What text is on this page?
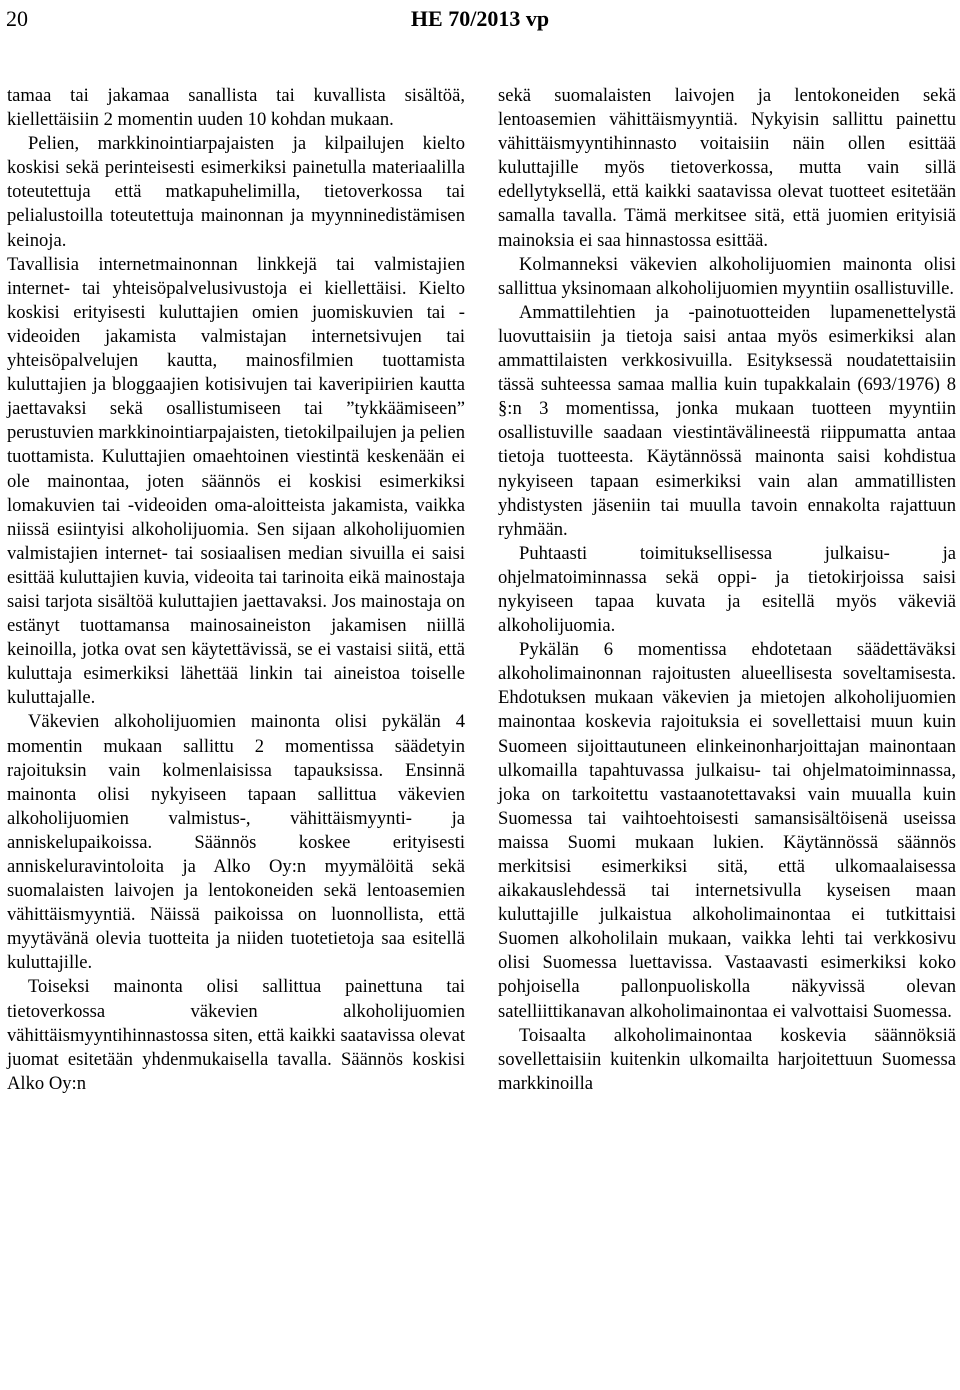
20	HE 70/2013 vp

tamaa tai jakamaa sanallista tai kuvallista sisältöä, kiellettäisiin 2 momentin uuden 10 kohdan mukaan.

Pelien, markkinointiarpajaisten ja kilpailujen kielto koskisi sekä perinteisesti esimerkiksi painetulla materiaalilla toteutettuja että matkapuhelimilla, tietoverkossa tai pelialustoilla toteutettuja mainonnan ja myynninedistämisen keinoja.

Tavallisia internetmainonnan linkkejä tai valmistajien internet- tai yhteisöpalvelusivustoja ei kiellettäisi. Kielto koskisi erityisesti kuluttajien omien juomiskuvien tai -videoiden jakamista valmistajan internetsivujen tai yhteisöpalvelujen kautta, mainosfilmien tuottamista kuluttajien ja bloggaajien kotisivujen tai kaveripiirien kautta jaettavaksi sekä osallistumiseen tai ”tykkäämiseen” perustuvien markkinointiarpajaisten, tietokilpailujen ja pelien tuottamista. Kuluttajien omaehtoinen viestintä keskenään ei ole mainontaa, joten säännös ei koskisi esimerkiksi lomakuvien tai -videoiden oma-aloitteista jakamista, vaikka niissä esiintyisi alkoholijuomia. Sen sijaan alkoholijuomien valmistajien internet- tai sosiaalisen median sivuilla ei saisi esittää kuluttajien kuvia, videoita tai tarinoita eikä mainostaja saisi tarjota sisältöä kuluttajien jaettavaksi. Jos mainostaja on estänyt tuottamansa mainosaineiston jakamisen niillä keinoilla, jotka ovat sen käytettävissä, se ei vastaisi siitä, että kuluttaja esimerkiksi lähettää linkin tai aineistoa toiselle kuluttajalle.

Väkevien alkoholijuomien mainonta olisi pykälän 4 momentin mukaan sallittu 2 momentissa säädetyin rajoituksin vain kolmenlaisissa tapauksissa. Ensinnä mainonta olisi nykyiseen tapaan sallittua väkevien alkoholijuomien valmistus-, vähittäismyynti- ja anniskelupaikoissa. Säännös koskee erityisesti anniskeluravintoloita ja Alko Oy:n myymälöitä sekä suomalaisten laivojen ja lentokoneiden sekä lentoasemien vähittäismyyntiä. Näissä paikoissa on luonnollista, että myytävänä olevia tuotteita ja niiden tuotetietoja saa esitellä kuluttajille.

Toiseksi mainonta olisi sallittua painettuna tai tietoverkossa väkevien alkoholijuomien vähittäismyyntihinnastossa siten, että kaikki saatavissa olevat juomat esitetään yhdenmukaisella tavalla. Säännös koskisi Alko Oy:n

sekä suomalaisten laivojen ja lentokoneiden sekä lentoasemien vähittäismyyntiä. Nykyisin sallittu painettu vähittäismyyntihinnasto voitaisiin näin ollen esittää kuluttajille myös tietoverkossa, mutta vain sillä edellytyksellä, että kaikki saatavissa olevat tuotteet esitetään samalla tavalla. Tämä merkitsee sitä, että juomien erityisiä mainoksia ei saa hinnastossa esittää.

Kolmanneksi väkevien alkoholijuomien mainonta olisi sallittua yksinomaan alkoholijuomien myyntiin osallistuville.

Ammattilehtien ja -painotuotteiden lupamenettelystä luovuttaisiin ja tietoja saisi antaa myös esimerkiksi alan ammattilaisten verkkosivuilla. Esityksessä noudatettaisiin tässä suhteessa samaa mallia kuin tupakkalain (693/1976) 8 §:n 3 momentissa, jonka mukaan tuotteen myyntiin osallistuville saadaan viestintävälineestä riippumatta antaa tietoja tuotteesta. Käytännössä mainonta saisi kohdistua nykyiseen tapaan esimerkiksi vain alan ammatillisten yhdistysten jäseniin tai muulla tavoin ennakolta rajattuun ryhmään.

Puhtaasti toimituksellisessa julkaisu- ja ohjelmatoiminnassa sekä oppi- ja tietokirjoissa saisi nykyiseen tapaa kuvata ja esitellä myös väkeviä alkoholijuomia.

Pykälän 6 momentissa ehdotetaan säädettäväksi alkoholimainonnan rajoitusten alueellisesta soveltamisesta. Ehdotuksen mukaan väkevien ja mietojen alkoholijuomien mainontaa koskevia rajoituksia ei sovellettaisi muun kuin Suomeen sijoittautuneen elinkeinonharjoittajan mainontaan ulkomailla tapahtuvassa julkaisu- tai ohjelmatoiminnassa, joka on tarkoitettu vastaanotettavaksi vain muualla kuin Suomessa tai vaihtoehtoisesti samansisältöisenä useissa maissa Suomi mukaan lukien. Käytännössä säännös merkitsisi esimerkiksi sitä, että ulkomaalaisessa aikakauslehdessä tai internetsivulla kyseisen maan kuluttajille julkaistua alkoholimainontaa ei tutkittaisi Suomen alkoholilain mukaan, vaikka lehti tai verkkosivu olisi Suomessa luettavissa. Vastaavasti esimerkiksi koko pohjoisella pallonpuoliskolla näkyvissä olevan satelliittikanavan alkoholimainontaa ei valvottaisi Suomessa.

Toisaalta alkoholimainontaa koskevia säännöksiä sovellettaisiin kuitenkin ulkomailta harjoitettuun Suomessa markkinoilla
